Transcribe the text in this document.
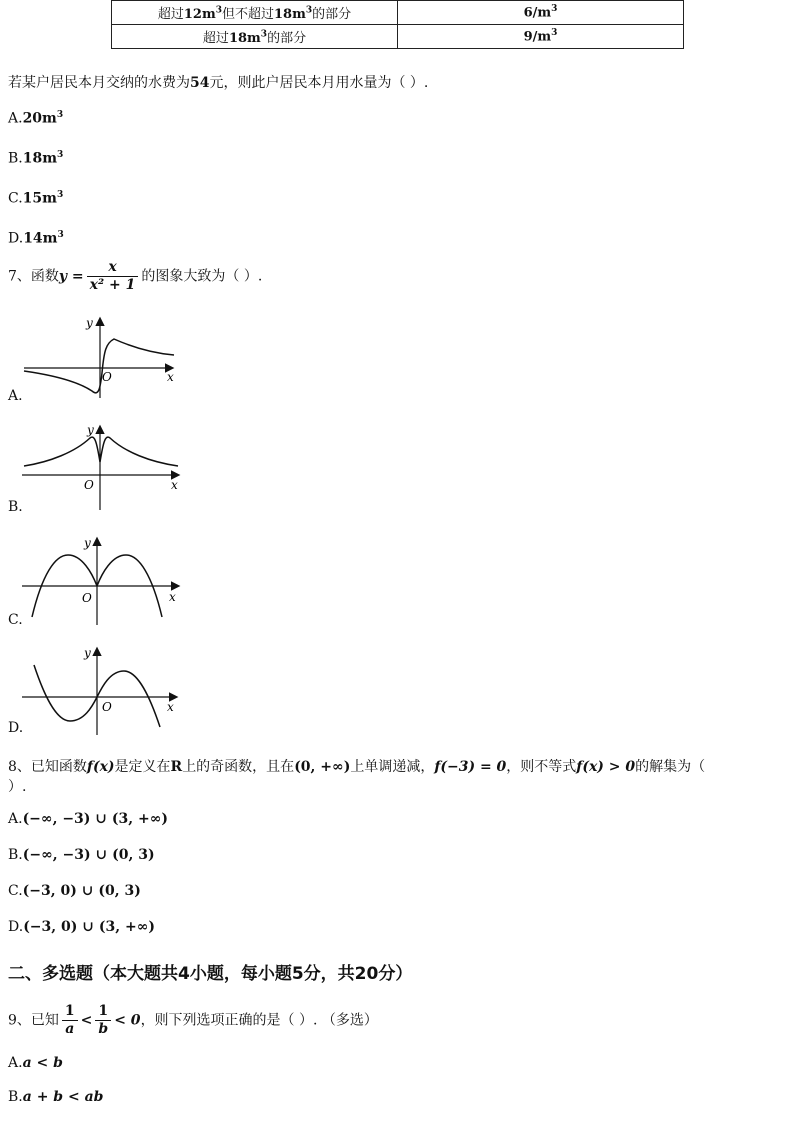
超过$12m^3$但不超过$18m^3$的部分	$6/m^3$
超过$18m^3$的部分	$9/m^3$
若某户居民本月交纳的水费为54元，则此户居民本月用水量为（ ）.
$A.20m^3$
$B.18m^3$
$C.15m^3$
$D.14m^3$
7、函数$y = \frac{x}{\text{x² + 1}}$ 的图象大致为（ ）.
O	x
y
A.
O	x
y
B.
O	x
y
C.
O	x
y
D.
8、已知函数f(x)是定义在R上的奇函数，且在(0, +∞)上单调递减，f(−3) = 0，则不等式f(x) > 0的解集为（
）.
A.(−∞, −3) ∪ (3, +∞)
B.(−∞, −3) ∪ (0, 3)
C.(−3, 0) ∪ (0, 3)
D.(−3, 0) ∪ (3, +∞)
二、多选题（本大题共4小题，每小题5分，共20分）
9、已知 $\frac{1}{a} < \frac{1}{b} < 0$，则下列选项正确的是（ ）. （多选）
A.a < b
B.a + b < ab
